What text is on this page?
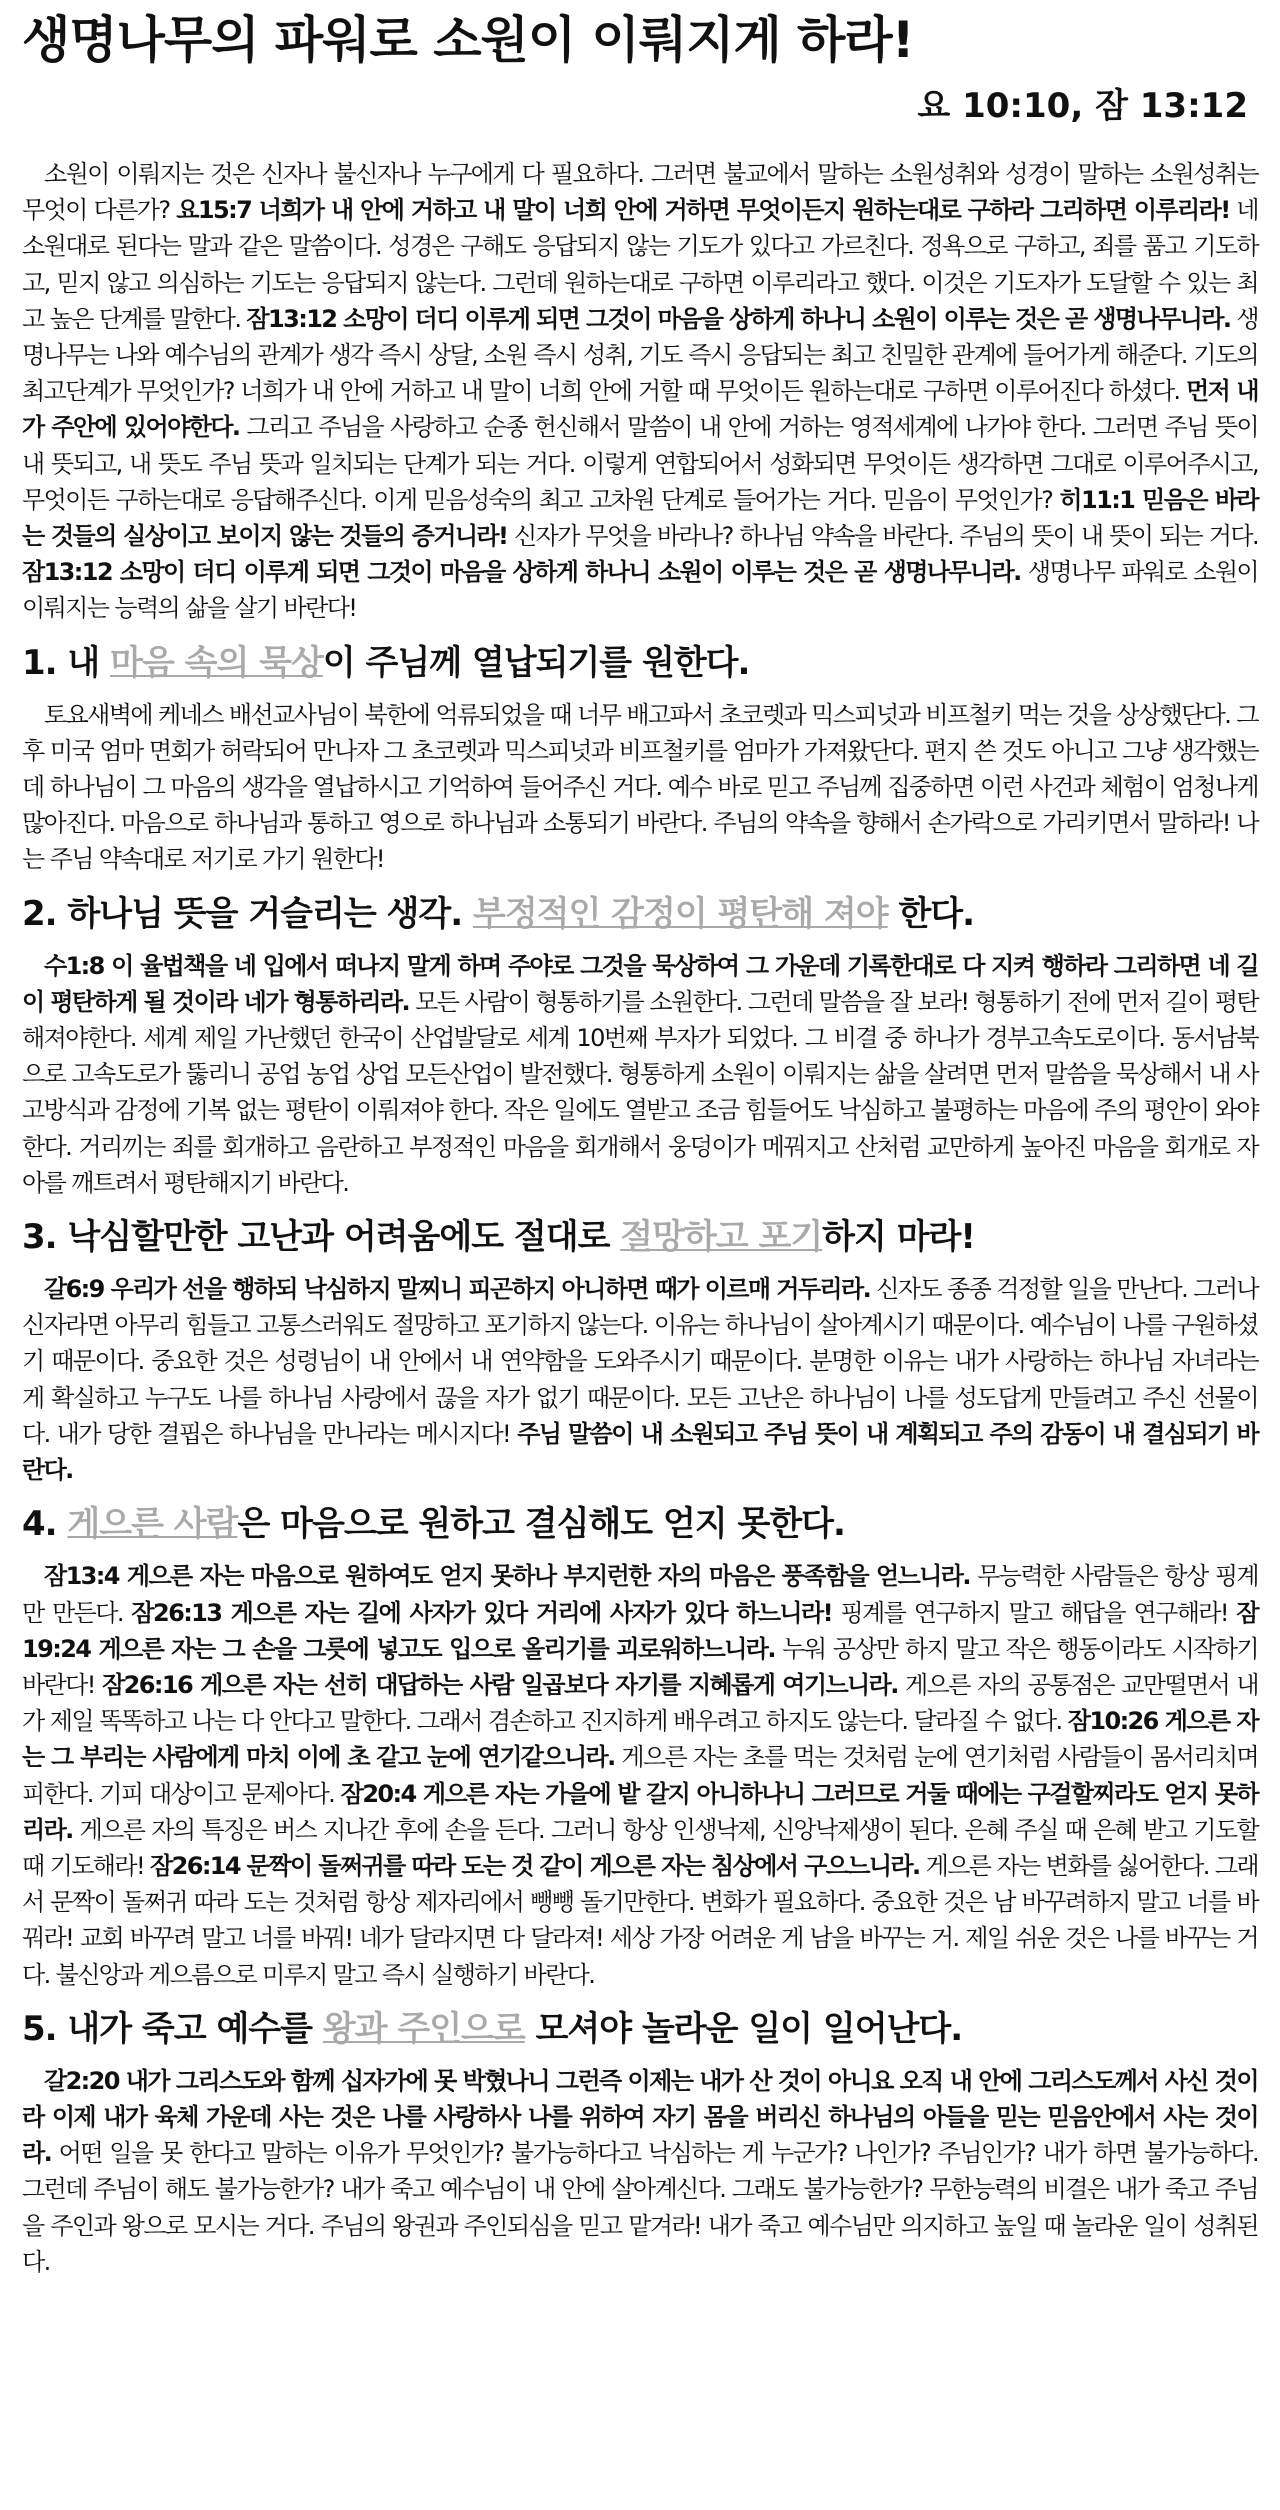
생명나무의 파워로 소원이 이뤄지게 하라!
요 10:10, 잠 13:12

소원이 이뤄지는 것은 신자나 불신자나 누구에게 다 필요하다. 그러면 불교에서 말하는 소원성취와 성경이 말하는 소원성취는 무엇이 다른가? 요15:7 너희가 내 안에 거하고 내 말이 너희 안에 거하면 무엇이든지 원하는대로 구하라 그리하면 이루리라! 네 소원대로 된다는 말과 같은 말씀이다. 성경은 구해도 응답되지 않는 기도가 있다고 가르친다. 정욕으로 구하고, 죄를 품고 기도하고, 믿지 않고 의심하는 기도는 응답되지 않는다. 그런데 원하는대로 구하면 이루리라고 했다. 이것은 기도자가 도달할 수 있는 최고 높은 단계를 말한다. 잠13:12 소망이 더디 이루게 되면 그것이 마음을 상하게 하나니 소원이 이루는 것은 곧 생명나무니라. 생명나무는 나와 예수님의 관계가 생각 즉시 상달, 소원 즉시 성취, 기도 즉시 응답되는 최고 친밀한 관계에 들어가게 해준다. 기도의 최고단계가 무엇인가? 너희가 내 안에 거하고 내 말이 너희 안에 거할 때 무엇이든 원하는대로 구하면 이루어진다 하셨다. 먼저 내가 주안에 있어야한다. 그리고 주님을 사랑하고 순종 헌신해서 말씀이 내 안에 거하는 영적세계에 나가야 한다. 그러면 주님 뜻이 내 뜻되고, 내 뜻도 주님 뜻과 일치되는 단계가 되는 거다. 이렇게 연합되어서 성화되면 무엇이든 생각하면 그대로 이루어주시고, 무엇이든 구하는대로 응답해주신다. 이게 믿음성숙의 최고 고차원 단계로 들어가는 거다. 믿음이 무엇인가? 히11:1 믿음은 바라는 것들의 실상이고 보이지 않는 것들의 증거니라! 신자가 무엇을 바라나? 하나님 약속을 바란다. 주님의 뜻이 내 뜻이 되는 거다. 잠13:12 소망이 더디 이루게 되면 그것이 마음을 상하게 하나니 소원이 이루는 것은 곧 생명나무니라. 생명나무 파워로 소원이 이뤄지는 능력의 삶을 살기 바란다!

1. 내 마음 속의 묵상이 주님께 열납되기를 원한다.

토요새벽에 케네스 배선교사님이 북한에 억류되었을 때 너무 배고파서 초코렛과 믹스피넛과 비프철키 먹는 것을 상상했단다. 그 후 미국 엄마 면회가 허락되어 만나자 그 초코렛과 믹스피넛과 비프철키를 엄마가 가져왔단다. 편지 쓴 것도 아니고 그냥 생각했는데 하나님이 그 마음의 생각을 열납하시고 기억하여 들어주신 거다. 예수 바로 믿고 주님께 집중하면 이런 사건과 체험이 엄청나게 많아진다. 마음으로 하나님과 통하고 영으로 하나님과 소통되기 바란다. 주님의 약속을 향해서 손가락으로 가리키면서 말하라! 나는 주님 약속대로 저기로 가기 원한다!

2. 하나님 뜻을 거슬리는 생각. 부정적인 감정이 평탄해 져야 한다.

수1:8 이 율법책을 네 입에서 떠나지 말게 하며 주야로 그것을 묵상하여 그 가운데 기록한대로 다 지켜 행하라 그리하면 네 길이 평탄하게 될 것이라 네가 형통하리라. 모든 사람이 형통하기를 소원한다. 그런데 말씀을 잘 보라! 형통하기 전에 먼저 길이 평탄해져야한다. 세계 제일 가난했던 한국이 산업발달로 세계 10번째 부자가 되었다. 그 비결 중 하나가 경부고속도로이다. 동서남북으로 고속도로가 뚫리니 공업 농업 상업 모든산업이 발전했다. 형통하게 소원이 이뤄지는 삶을 살려면 먼저 말씀을 묵상해서 내 사고방식과 감정에 기복 없는 평탄이 이뤄져야 한다. 작은 일에도 열받고 조금 힘들어도 낙심하고 불평하는 마음에 주의 평안이 와야 한다. 거리끼는 죄를 회개하고 음란하고 부정적인 마음을 회개해서 웅덩이가 메꿔지고 산처럼 교만하게 높아진 마음을 회개로 자아를 깨트려서 평탄해지기 바란다.

3. 낙심할만한 고난과 어려움에도 절대로 절망하고 포기하지 마라!

갈6:9 우리가 선을 행하되 낙심하지 말찌니 피곤하지 아니하면 때가 이르매 거두리라. 신자도 종종 걱정할 일을 만난다. 그러나 신자라면 아무리 힘들고 고통스러워도 절망하고 포기하지 않는다. 이유는 하나님이 살아계시기 때문이다. 예수님이 나를 구원하셨기 때문이다. 중요한 것은 성령님이 내 안에서 내 연약함을 도와주시기 때문이다. 분명한 이유는 내가 사랑하는 하나님 자녀라는 게 확실하고 누구도 나를 하나님 사랑에서 끊을 자가 없기 때문이다. 모든 고난은 하나님이 나를 성도답게 만들려고 주신 선물이다. 내가 당한 결핍은 하나님을 만나라는 메시지다! 주님 말씀이 내 소원되고 주님 뜻이 내 계획되고 주의 감동이 내 결심되기 바란다.

4. 게으른 사람은 마음으로 원하고 결심해도 얻지 못한다.

잠13:4 게으른 자는 마음으로 원하여도 얻지 못하나 부지런한 자의 마음은 풍족함을 얻느니라. 무능력한 사람들은 항상 핑계만 만든다. 잠26:13 게으른 자는 길에 사자가 있다 거리에 사자가 있다 하느니라! 핑계를 연구하지 말고 해답을 연구해라! 잠19:24 게으른 자는 그 손을 그릇에 넣고도 입으로 올리기를 괴로워하느니라. 누워 공상만 하지 말고 작은 행동이라도 시작하기 바란다! 잠26:16 게으른 자는 선히 대답하는 사람 일곱보다 자기를 지혜롭게 여기느니라. 게으른 자의 공통점은 교만떨면서 내가 제일 똑똑하고 나는 다 안다고 말한다. 그래서 겸손하고 진지하게 배우려고 하지도 않는다. 달라질 수 없다. 잠10:26 게으른 자는 그 부리는 사람에게 마치 이에 초 같고 눈에 연기같으니라. 게으른 자는 초를 먹는 것처럼 눈에 연기처럼 사람들이 몸서리치며 피한다. 기피 대상이고 문제아다. 잠20:4 게으른 자는 가을에 밭 갈지 아니하나니 그러므로 거둘 때에는 구걸할찌라도 얻지 못하리라. 게으른 자의 특징은 버스 지나간 후에 손을 든다. 그러니 항상 인생낙제, 신앙낙제생이 된다. 은혜 주실 때 은혜 받고 기도할 때 기도해라! 잠26:14 문짝이 돌쩌귀를 따라 도는 것 같이 게으른 자는 침상에서 구으느니라. 게으른 자는 변화를 싫어한다. 그래서 문짝이 돌쩌귀 따라 도는 것처럼 항상 제자리에서 뺑뺑 돌기만한다. 변화가 필요하다. 중요한 것은 남 바꾸려하지 말고 너를 바꿔라! 교회 바꾸려 말고 너를 바꿔! 네가 달라지면 다 달라져! 세상 가장 어려운 게 남을 바꾸는 거. 제일 쉬운 것은 나를 바꾸는 거다. 불신앙과 게으름으로 미루지 말고 즉시 실행하기 바란다.

5. 내가 죽고 예수를 왕과 주인으로 모셔야 놀라운 일이 일어난다.

갈2:20 내가 그리스도와 함께 십자가에 못 박혔나니 그런즉 이제는 내가 산 것이 아니요 오직 내 안에 그리스도께서 사신 것이라 이제 내가 육체 가운데 사는 것은 나를 사랑하사 나를 위하여 자기 몸을 버리신 하나님의 아들을 믿는 믿음안에서 사는 것이라. 어떤 일을 못 한다고 말하는 이유가 무엇인가? 불가능하다고 낙심하는 게 누군가? 나인가? 주님인가? 내가 하면 불가능하다. 그런데 주님이 해도 불가능한가? 내가 죽고 예수님이 내 안에 살아계신다. 그래도 불가능한가? 무한능력의 비결은 내가 죽고 주님을 주인과 왕으로 모시는 거다. 주님의 왕권과 주인되심을 믿고 맡겨라! 내가 죽고 예수님만 의지하고 높일 때 놀라운 일이 성취된다.
